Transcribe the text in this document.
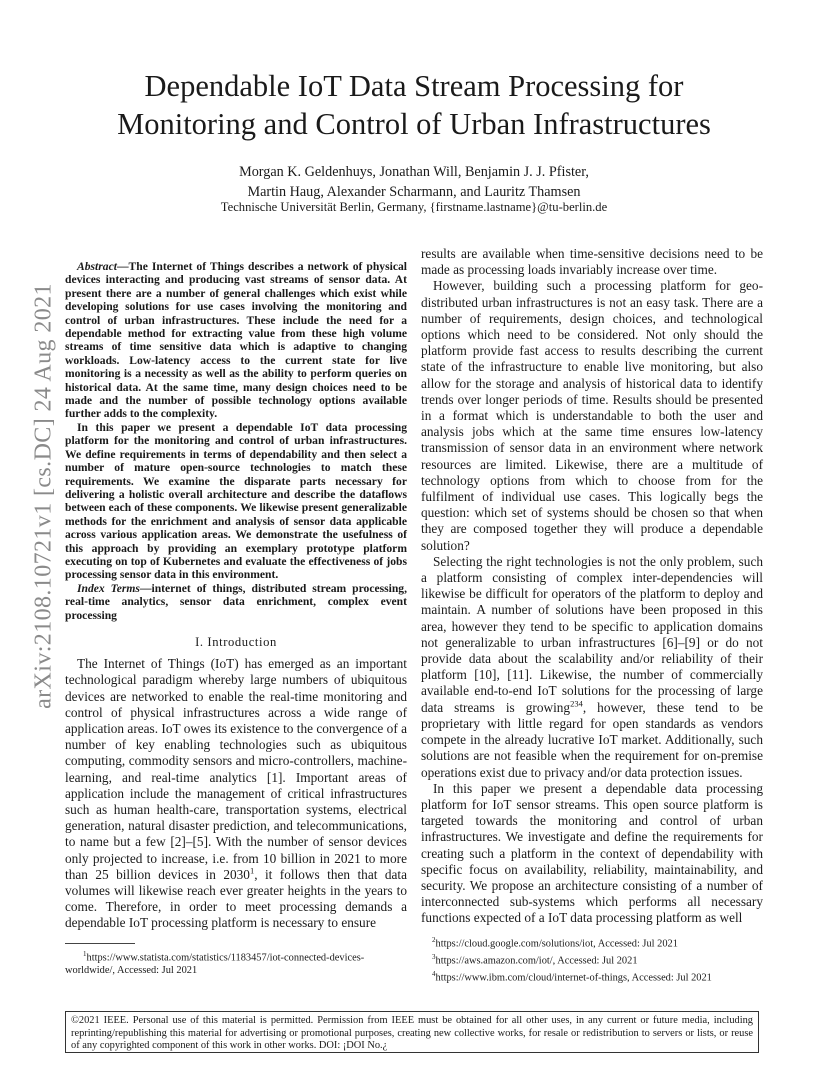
arXiv:2108.10721v1 [cs.DC] 24 Aug 2021
Dependable IoT Data Stream Processing for
Monitoring and Control of Urban Infrastructures
Morgan K. Geldenhuys, Jonathan Will, Benjamin J. J. Pfister,
Martin Haug, Alexander Scharmann, and Lauritz Thamsen
Technische Universität Berlin, Germany, {firstname.lastname}@tu-berlin.de

Abstract—The Internet of Things describes a network of physical devices interacting and producing vast streams of sensor data. At present there are a number of general challenges which exist while developing solutions for use cases involving the monitoring and control of urban infrastructures. These include the need for a dependable method for extracting value from these high volume streams of time sensitive data which is adaptive to changing workloads. Low-latency access to the current state for live monitoring is a necessity as well as the ability to perform queries on historical data. At the same time, many design choices need to be made and the number of possible technology options available further adds to the complexity.

In this paper we present a dependable IoT data processing platform for the monitoring and control of urban infrastructures. We define requirements in terms of dependability and then select a number of mature open-source technologies to match these requirements. We examine the disparate parts necessary for delivering a holistic overall architecture and describe the dataflows between each of these components. We likewise present generalizable methods for the enrichment and analysis of sensor data applicable across various application areas. We demonstrate the usefulness of this approach by providing an exemplary prototype platform executing on top of Kubernetes and evaluate the effectiveness of jobs processing sensor data in this environment.

Index Terms—internet of things, distributed stream processing, real-time analytics, sensor data enrichment, complex event processing

I. Introduction

The Internet of Things (IoT) has emerged as an important technological paradigm whereby large numbers of ubiquitous devices are networked to enable the real-time monitoring and control of physical infrastructures across a wide range of application areas. IoT owes its existence to the convergence of a number of key enabling technologies such as ubiquitous computing, commodity sensors and micro-controllers, machine-learning, and real-time analytics [1]. Important areas of application include the management of critical infrastructures such as human health-care, transportation systems, electrical generation, natural disaster prediction, and telecommunications, to name but a few [2]–[5]. With the number of sensor devices only projected to increase, i.e. from 10 billion in 2021 to more than 25 billion devices in 2030$^1$, it follows then that data volumes will likewise reach ever greater heights in the years to come. Therefore, in order to meet processing demands a dependable IoT processing platform is necessary to ensure

results are available when time-sensitive decisions need to be made as processing loads invariably increase over time.

However, building such a processing platform for geo-distributed urban infrastructures is not an easy task. There are a number of requirements, design choices, and technological options which need to be considered. Not only should the platform provide fast access to results describing the current state of the infrastructure to enable live monitoring, but also allow for the storage and analysis of historical data to identify trends over longer periods of time. Results should be presented in a format which is understandable to both the user and analysis jobs which at the same time ensures low-latency transmission of sensor data in an environment where network resources are limited. Likewise, there are a multitude of technology options from which to choose from for the fulfilment of individual use cases. This logically begs the question: which set of systems should be chosen so that when they are composed together they will produce a dependable solution?

Selecting the right technologies is not the only problem, such a platform consisting of complex inter-dependencies will likewise be difficult for operators of the platform to deploy and maintain. A number of solutions have been proposed in this area, however they tend to be specific to application domains not generalizable to urban infrastructures [6]–[9] or do not provide data about the scalability and/or reliability of their platform [10], [11]. Likewise, the number of commercially available end-to-end IoT solutions for the processing of large data streams is growing$^{234}$, however, these tend to be proprietary with little regard for open standards as vendors compete in the already lucrative IoT market. Additionally, such solutions are not feasible when the requirement for on-premise operations exist due to privacy and/or data protection issues.

In this paper we present a dependable data processing platform for IoT sensor streams. This open source platform is targeted towards the monitoring and control of urban infrastructures. We investigate and define the requirements for creating such a platform in the context of dependability with specific focus on availability, reliability, maintainability, and security. We propose an architecture consisting of a number of interconnected sub-systems which performs all necessary functions expected of a IoT data processing platform as well

$^1$https://www.statista.com/statistics/1183457/iot-connected-devices-worldwide/, Accessed: Jul 2021
$^2$https://cloud.google.com/solutions/iot, Accessed: Jul 2021
$^3$https://aws.amazon.com/iot/, Accessed: Jul 2021
$^4$https://www.ibm.com/cloud/internet-of-things, Accessed: Jul 2021
©2021 IEEE. Personal use of this material is permitted. Permission from IEEE must be obtained for all other uses, in any current or future media, including reprinting/republishing this material for advertising or promotional purposes, creating new collective works, for resale or redistribution to servers or lists, or reuse of any copyrighted component of this work in other works. DOI: ¡DOI No.¿
